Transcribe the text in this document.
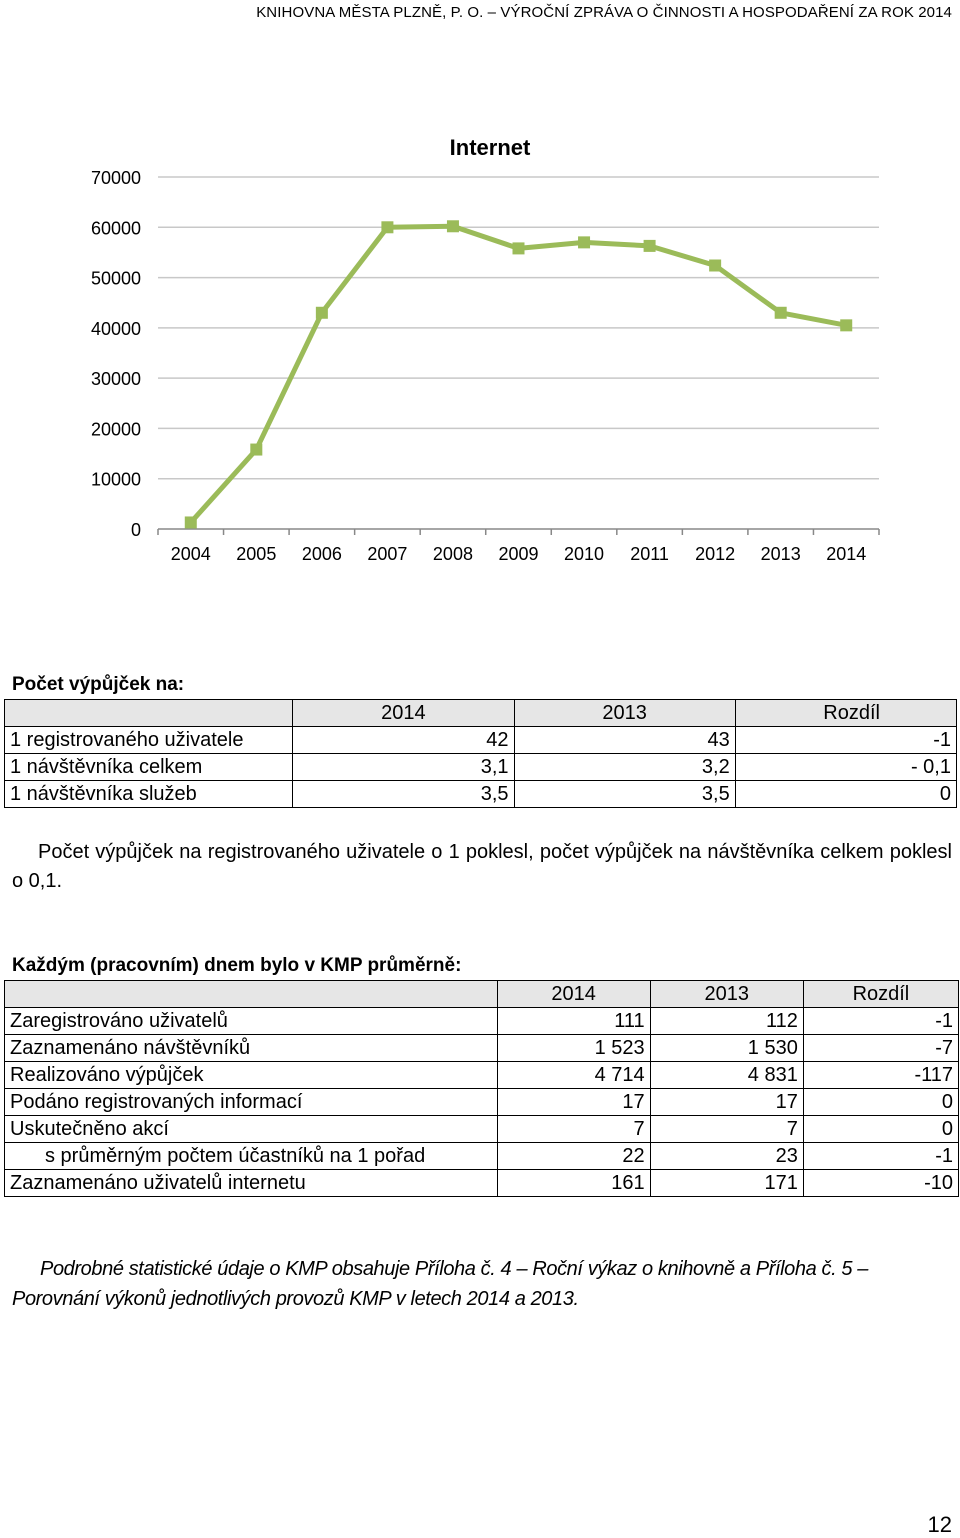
KNIHOVNA MĚSTA PLZNĚ, P. O. – VÝROČNÍ ZPRÁVA O ČINNOSTI A HOSPODAŘENÍ ZA ROK 2014
Internet
0
10000
20000
30000
40000
50000
60000
70000
2004 2005 2006 2007 2008 2009 2010 2011 2012 2013 2014
Počet výpůjček na:
	2014	2013	Rozdíl
1 registrovaného uživatele	42	43	-1
1 návštěvníka celkem	3,1	3,2	- 0,1
1 návštěvníka služeb	3,5	3,5	0
Počet výpůjček na registrovaného uživatele o 1 poklesl, počet výpůjček na návštěvníka celkem poklesl o 0,1.
Každým (pracovním) dnem bylo v KMP průměrně:
	2014	2013	Rozdíl
Zaregistrováno uživatelů	111	112	-1
Zaznamenáno návštěvníků	1 523	1 530	-7
Realizováno výpůjček	4 714	4 831	-117
Podáno registrovaných informací	17	17	0
Uskutečněno akcí	7	7	0
s průměrným počtem účastníků na 1 pořad	22	23	-1
Zaznamenáno uživatelů internetu	161	171	-10
Podrobné statistické údaje o KMP obsahuje Příloha č. 4 – Roční výkaz o knihovně a Příloha č. 5 – Porovnání výkonů jednotlivých provozů KMP v letech 2014 a 2013.
12
